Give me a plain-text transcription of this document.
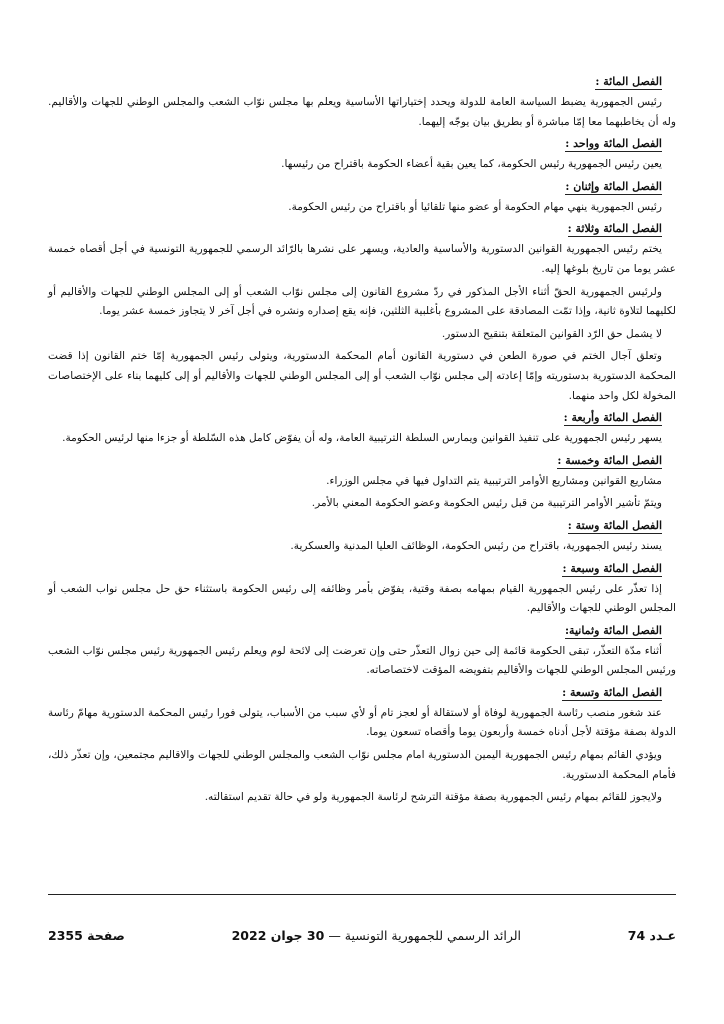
الفصل المائة :

رئيس الجمهورية يضبط السياسة العامة للدولة ويحدد إختياراتها الأساسية ويعلم بها مجلس نوّاب الشعب والمجلس الوطني للجهات والأقاليم. وله أن يخاطبهما معا إمّا مباشرة أو بطريق بيان يوجّه إليهما.

الفصل المائة وواحد :

يعين رئيس الجمهورية رئيس الحكومة، كما يعين بقية أعضاء الحكومة باقتراح من رئيسها.

الفصل المائة وإثنان :

رئيس الجمهورية ينهي مهام الحكومة أو عضو منها تلقائيا أو باقتراح من رئيس الحكومة.

الفصل المائة وثلاثة :

يختم رئيس الجمهورية القوانين الدستورية والأساسية والعادية، ويسهر على نشرها بالرّائد الرسمي للجمهورية التونسية في أجل أقصاه خمسة عشر يوما من تاريخ بلوغها إليه.

ولرئيس الجمهورية الحقّ أثناء الأجل المذكور في ردّ مشروع القانون إلى مجلس نوّاب الشعب أو إلى المجلس الوطني للجهات والأقاليم أو لكليهما لتلاوة ثانية، وإذا تمّت المصادقة على المشروع بأغلبية الثلثين، فإنه يقع إصداره ونشره في أجل آخر لا يتجاوز خمسة عشر يوما.

لا يشمل حق الرّد القوانين المتعلقة بتنقيح الدستور.

وتعلق آجال الختم في صورة الطعن في دستورية القانون أمام المحكمة الدستورية، ويتولى رئيس الجمهورية إمّا ختم القانون إذا قضت المحكمة الدستورية بدستوريته وإمّا إعادته إلى مجلس نوّاب الشعب أو إلى المجلس الوطني للجهات والأقاليم أو إلى كليهما بناء على الإختصاصات المخولة لكل واحد منهما.

الفصل المائة وأربعة :

يسهر رئيس الجمهورية على تنفيذ القوانين ويمارس السلطة الترتيبية العامة، وله أن يفوّض كامل هذه السّلطة أو جزءا منها لرئيس الحكومة.

الفصل المائة وخمسة :

مشاريع القوانين ومشاريع الأوامر الترتيبية يتم التداول فيها في مجلس الوزراء.

ويتمّ تأشير الأوامر الترتيبية من قبل رئيس الحكومة وعضو الحكومة المعني بالأمر.

الفصل المائة وستة :

يسند رئيس الجمهورية، باقتراح من رئيس الحكومة، الوظائف العليا المدنية والعسكرية.

الفصل المائة وسبعة :

إذا تعذّر على رئيس الجمهورية القيام بمهامه بصفة وقتية، يفوّض بأمر وظائفه إلى رئيس الحكومة باستثناء حق حل مجلس نواب الشعب أو المجلس الوطني للجهات والأقاليم.

الفصل المائة وثمانية:

أثناء مدّة التعذّر، تبقى الحكومة قائمة إلى حين زوال التعذّر حتى وإن تعرضت إلى لائحة لوم ويعلم رئيس الجمهورية رئيس مجلس نوّاب الشعب ورئيس المجلس الوطني للجهات والأقاليم بتفويضه المؤقت لاختصاصاته.

الفصل المائة وتسعة :

عند شغور منصب رئاسة الجمهورية لوفاة أو لاستقالة أو لعجز تام أو لأي سبب من الأسباب، يتولى فورا رئيس المحكمة الدستورية مهامّ رئاسة الدولة بصفة مؤقتة لأجل أدناه خمسة وأربعون يوما وأقصاه تسعون يوما.

ويؤدي القائم بمهام رئيس الجمهورية اليمين الدستورية امام مجلس نوّاب الشعب والمجلس الوطني للجهات والاقاليم مجتمعين، وإن تعذّر ذلك، فأمام المحكمة الدستورية.

ولايجوز للقائم بمهام رئيس الجمهورية بصفة مؤقتة الترشح لرئاسة الجمهورية ولو في حالة تقديم استقالته.

عـدد 74
الرائد الرسمي للجمهورية التونسية — 30 جوان 2022
صفحة 2355
